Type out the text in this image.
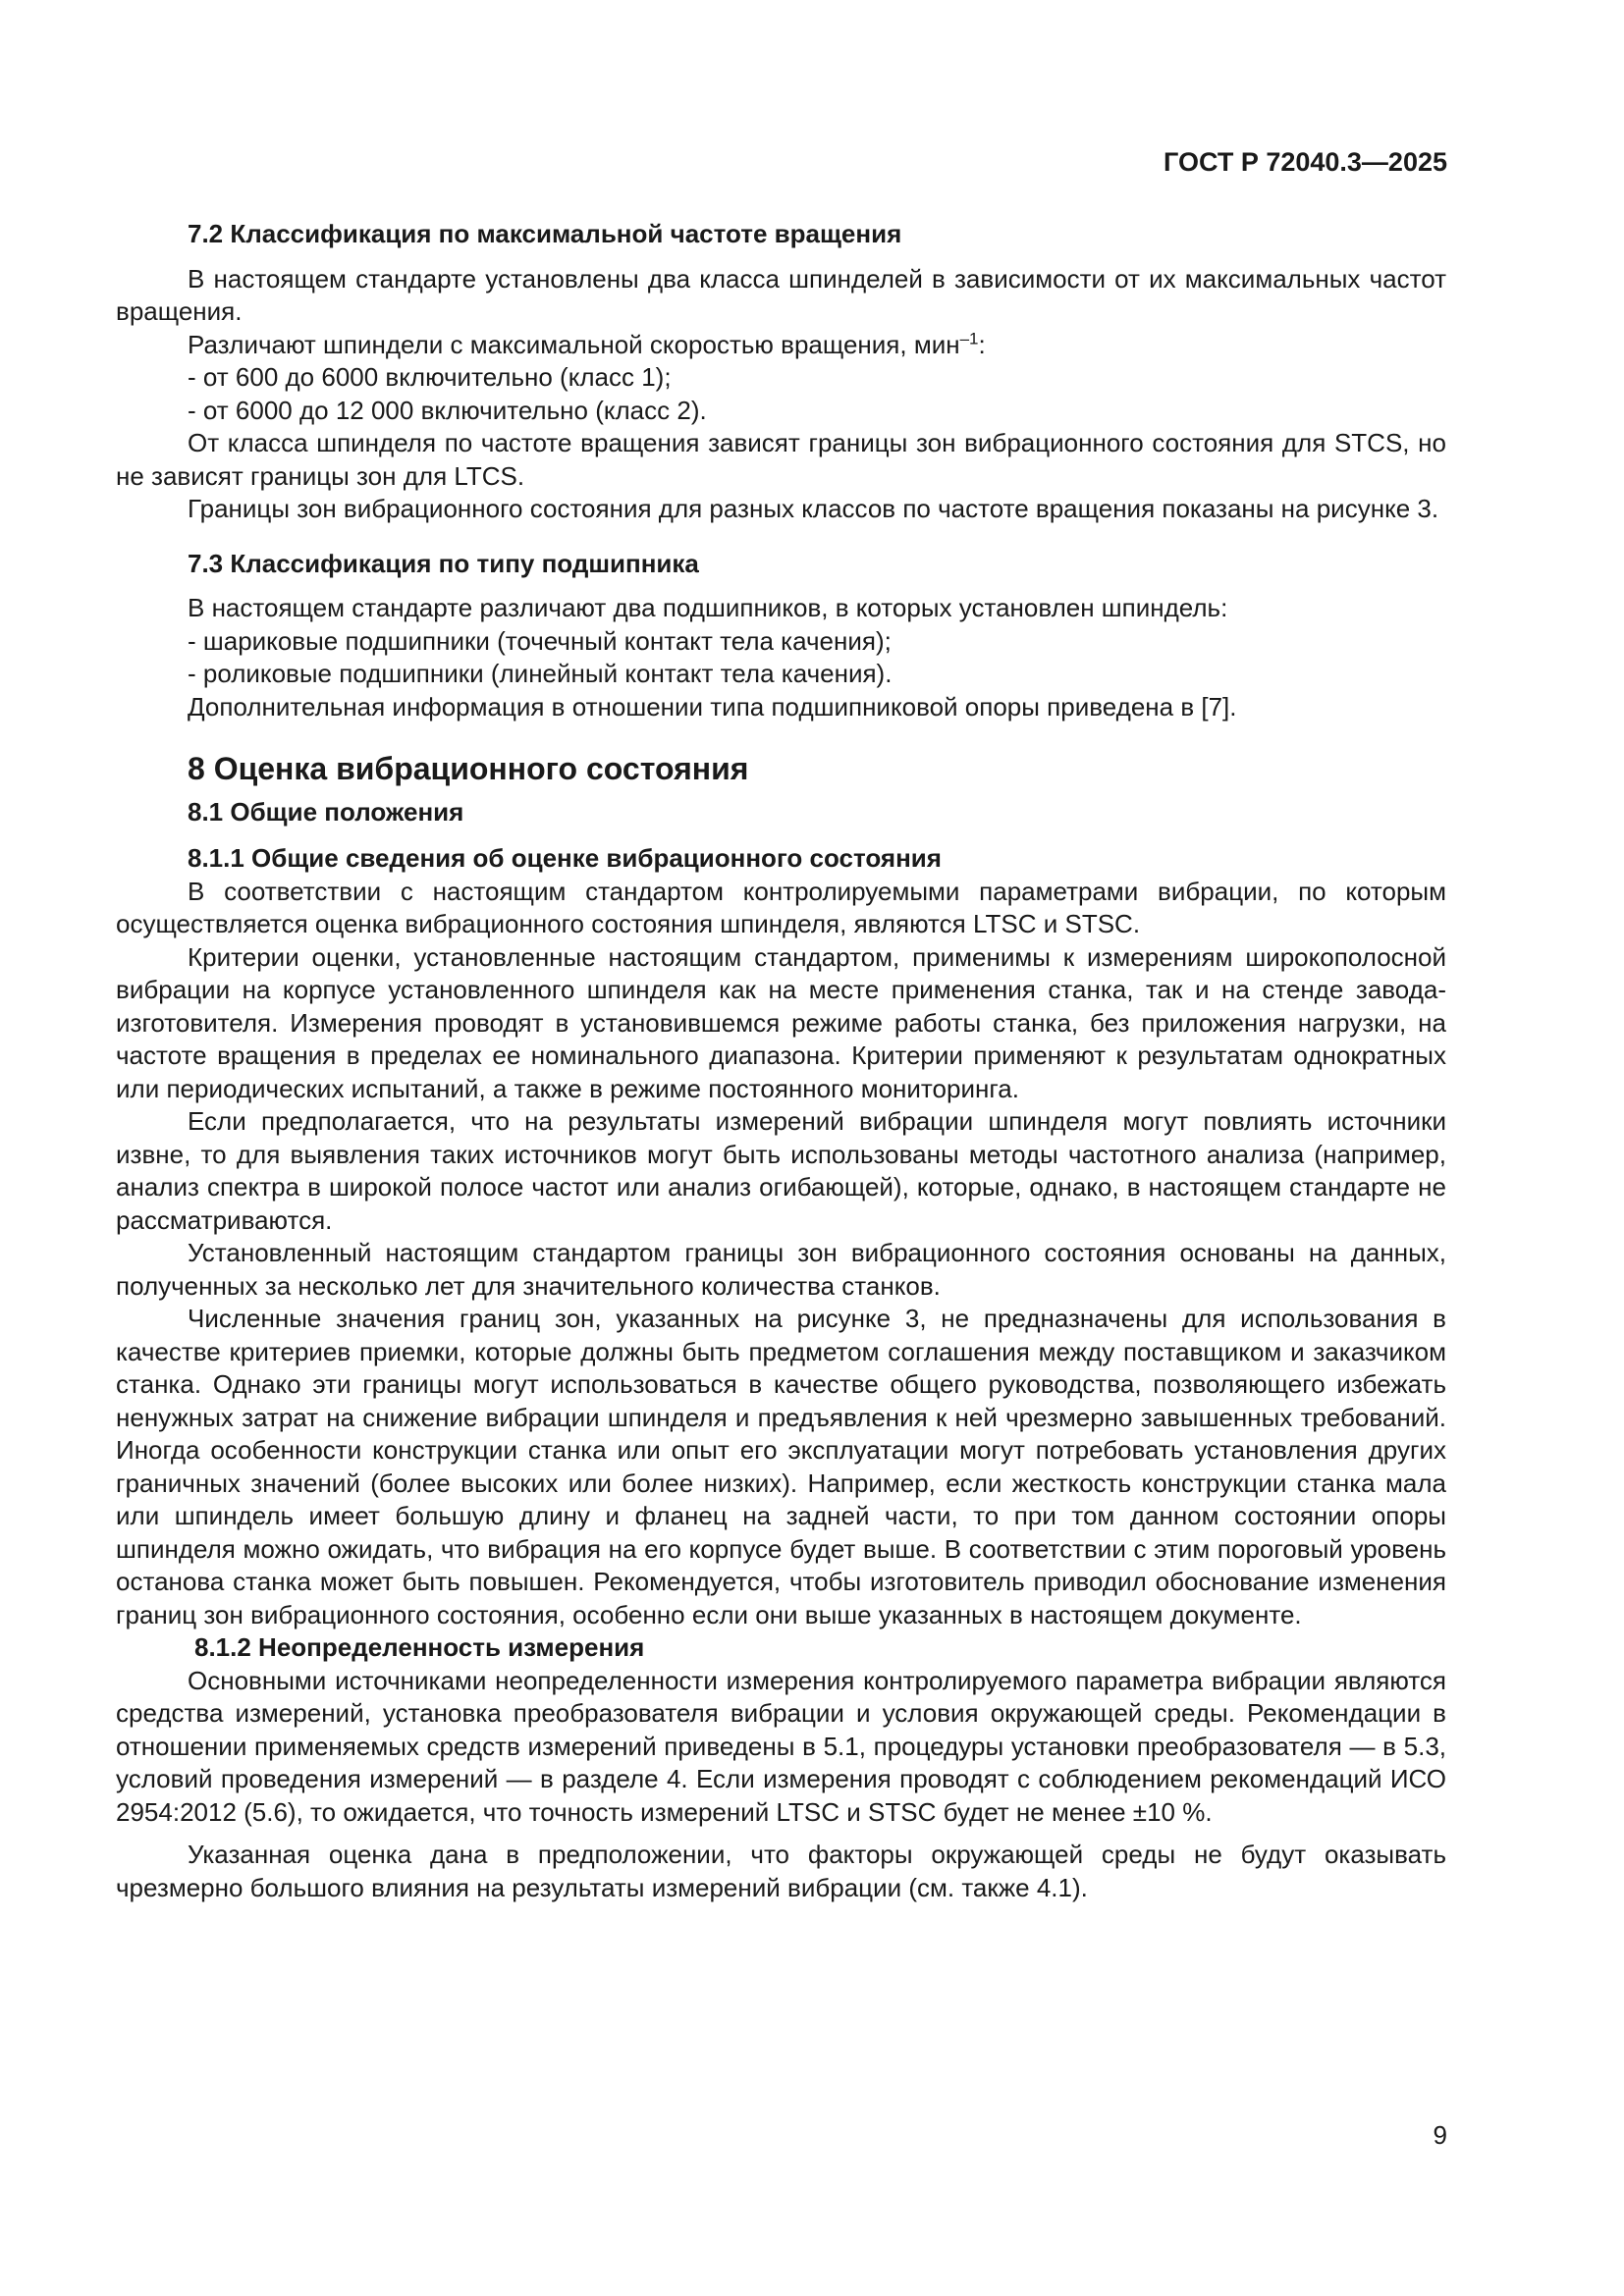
ГОСТ Р 72040.3—2025
7.2 Классификация по максимальной частоте вращения

В настоящем стандарте установлены два класса шпинделей в зависимости от их максимальных частот вращения.

Различают шпиндели с максимальной скоростью вращения, мин$^{-1}$:

- от 600 до 6000 включительно (класс 1);
- от 6000 до 12 000 включительно (класс 2).

От класса шпинделя по частоте вращения зависят границы зон вибрационного состояния для STCS, но не зависят границы зон для LTCS.

Границы зон вибрационного состояния для разных классов по частоте вращения показаны на рисунке 3.

7.3 Классификация по типу подшипника

В настоящем стандарте различают два подшипников, в которых установлен шпиндель:

- шариковые подшипники (точечный контакт тела качения);
- роликовые подшипники (линейный контакт тела качения).

Дополнительная информация в отношении типа подшипниковой опоры приведена в [7].

8 Оценка вибрационного состояния
8.1 Общие положения
8.1.1 Общие сведения об оценке вибрационного состояния

В соответствии с настоящим стандартом контролируемыми параметрами вибрации, по которым осуществляется оценка вибрационного состояния шпинделя, являются LTSC и STSC.

Критерии оценки, установленные настоящим стандартом, применимы к измерениям широкополосной вибрации на корпусе установленного шпинделя как на месте применения станка, так и на стенде завода-изготовителя. Измерения проводят в установившемся режиме работы станка, без приложения нагрузки, на частоте вращения в пределах ее номинального диапазона. Критерии применяют к результатам однократных или периодических испытаний, а также в режиме постоянного мониторинга.

Если предполагается, что на результаты измерений вибрации шпинделя могут повлиять источники извне, то для выявления таких источников могут быть использованы методы частотного анализа (например, анализ спектра в широкой полосе частот или анализ огибающей), которые, однако, в настоящем стандарте не рассматриваются.

Установленный настоящим стандартом границы зон вибрационного состояния основаны на данных, полученных за несколько лет для значительного количества станков.

Численные значения границ зон, указанных на рисунке 3, не предназначены для использования в качестве критериев приемки, которые должны быть предметом соглашения между поставщиком и заказчиком станка. Однако эти границы могут использоваться в качестве общего руководства, позволяющего избежать ненужных затрат на снижение вибрации шпинделя и предъявления к ней чрезмерно завышенных требований. Иногда особенности конструкции станка или опыт его эксплуатации могут потребовать установления других граничных значений (более высоких или более низких). Например, если жесткость конструкции станка мала или шпиндель имеет большую длину и фланец на задней части, то при том данном состоянии опоры шпинделя можно ожидать, что вибрация на его корпусе будет выше. В соответствии с этим пороговый уровень останова станка может быть повышен. Рекомендуется, чтобы изготовитель приводил обоснование изменения границ зон вибрационного состояния, особенно если они выше указанных в настоящем документе.

8.1.2 Неопределенность измерения

Основными источниками неопределенности измерения контролируемого параметра вибрации являются средства измерений, установка преобразователя вибрации и условия окружающей среды. Рекомендации в отношении применяемых средств измерений приведены в 5.1, процедуры установки преобразователя — в 5.3, условий проведения измерений — в разделе 4. Если измерения проводят с соблюдением рекомендаций ИСО 2954:2012 (5.6), то ожидается, что точность измерений LTSC и STSC будет не менее ±10 %.

Указанная оценка дана в предположении, что факторы окружающей среды не будут оказывать чрезмерно большого влияния на результаты измерений вибрации (см. также 4.1).

9
